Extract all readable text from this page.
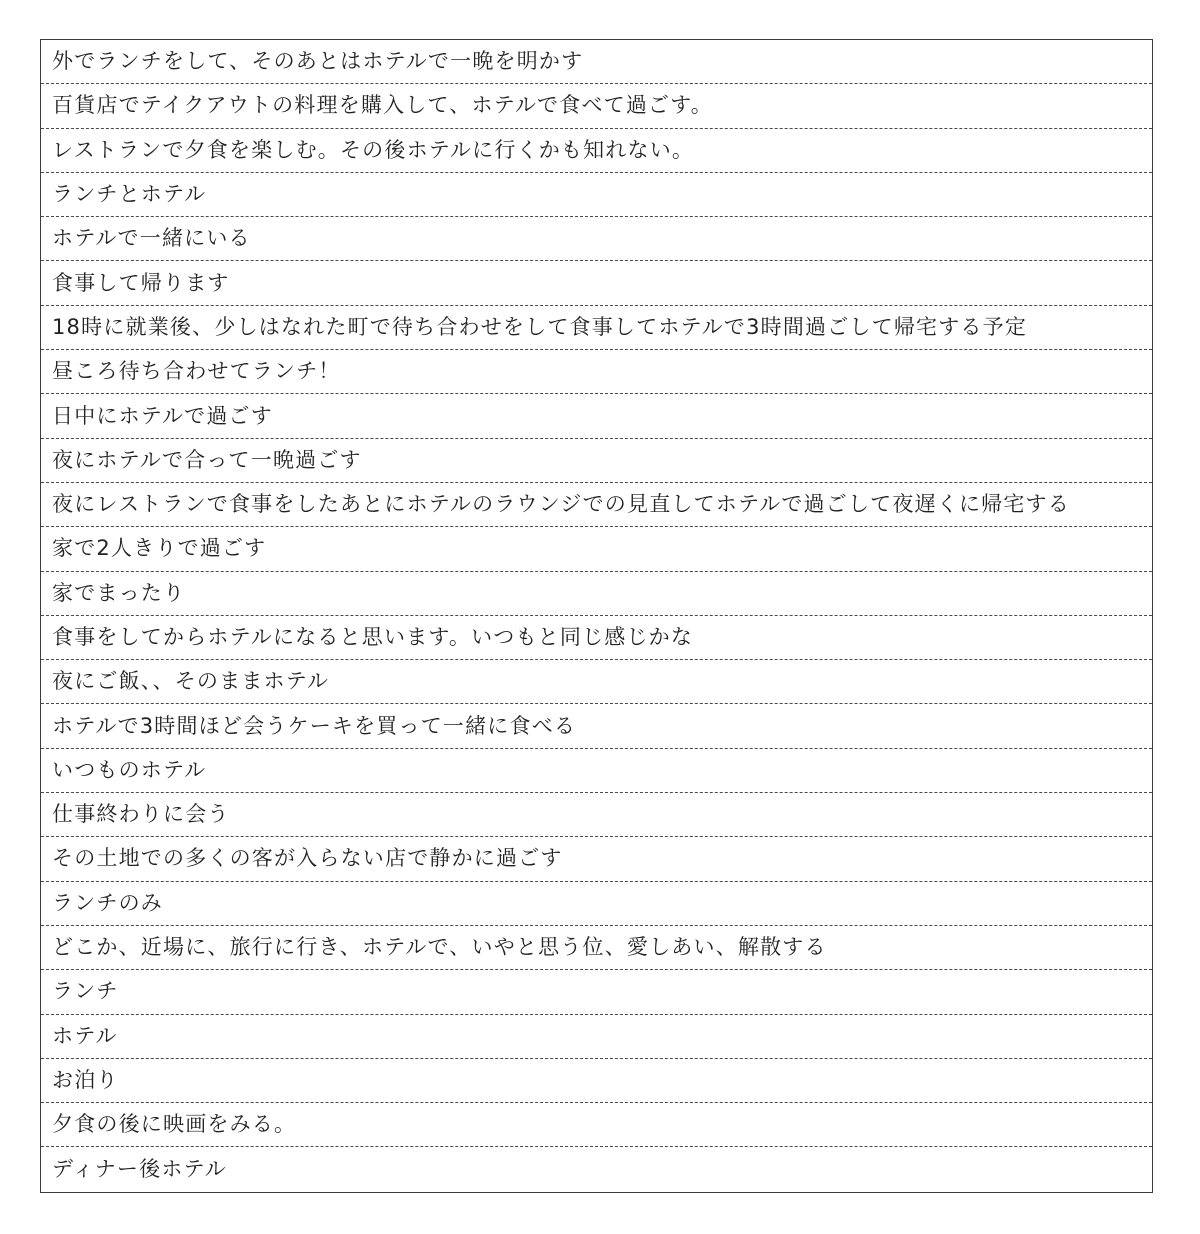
外でランチをして、そのあとはホテルで一晩を明かす
百貨店でテイクアウトの料理を購入して、ホテルで食べて過ごす。
レストランで夕食を楽しむ。その後ホテルに行くかも知れない。
ランチとホテル
ホテルで一緒にいる
食事して帰ります
18時に就業後、少しはなれた町で待ち合わせをして食事してホテルで3時間過ごして帰宅する予定
昼ころ待ち合わせてランチ！
日中にホテルで過ごす
夜にホテルで合って一晩過ごす
夜にレストランで食事をしたあとにホテルのラウンジでの見直してホテルで過ごして夜遅くに帰宅する
家で2人きりで過ごす
家でまったり
食事をしてからホテルになると思います。いつもと同じ感じかな
夜にご飯、、そのままホテル
ホテルで3時間ほど会うケーキを買って一緒に食べる
いつものホテル
仕事終わりに会う
その土地での多くの客が入らない店で静かに過ごす
ランチのみ
どこか、近場に、旅行に行き、ホテルで、いやと思う位、愛しあい、解散する
ランチ
ホテル
お泊り
夕食の後に映画をみる。
ディナー後ホテル
